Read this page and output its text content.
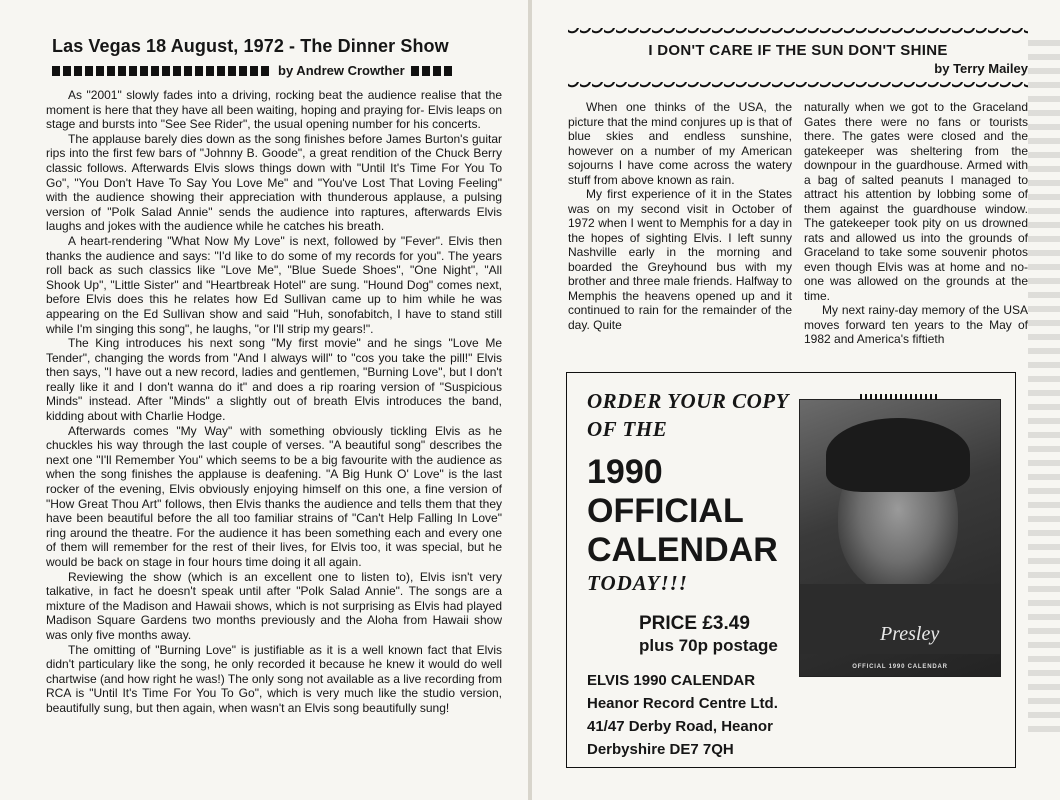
Las Vegas 18 August, 1972 - The Dinner Show
by Andrew Crowther

As "2001" slowly fades into a driving, rocking beat the audience realise that the moment is here that they have all been waiting, hoping and praying for- Elvis leaps on stage and bursts into "See See Rider", the usual opening number for his concerts.

The applause barely dies down as the song finishes before James Burton's guitar rips into the first few bars of "Johnny B. Goode", a great rendition of the Chuck Berry classic follows. Afterwards Elvis slows things down with "Until It's Time For You To Go", "You Don't Have To Say You Love Me" and "You've Lost That Loving Feeling" with the audience showing their appreciation with thunderous applause, a pulsing version of "Polk Salad Annie" sends the audience into raptures, afterwards Elvis laughs and jokes with the audience while he catches his breath.

A heart-rendering "What Now My Love" is next, followed by "Fever". Elvis then thanks the audience and says: "I'd like to do some of my records for you". The years roll back as such classics like "Love Me", "Blue Suede Shoes", "One Night", "All Shook Up", "Little Sister" and "Heartbreak Hotel" are sung. "Hound Dog" comes next, before Elvis does this he relates how Ed Sullivan came up to him while he was appearing on the Ed Sullivan show and said "Huh, sonofabitch, I have to stand still while I'm singing this song", he laughs, "or I'll strip my gears!".

The King introduces his next song "My first movie" and he sings "Love Me Tender", changing the words from "And I always will" to "cos you take the pill!" Elvis then says, "I have out a new record, ladies and gentlemen, "Burning Love", but I don't really like it and I don't wanna do it" and does a rip roaring version of "Suspicious Minds" instead. After "Minds" a slightly out of breath Elvis introduces the band, kidding about with Charlie Hodge.

Afterwards comes "My Way" with something obviously tickling Elvis as he chuckles his way through the last couple of verses. "A beautiful song" describes the next one "I'll Remember You" which seems to be a big favourite with the audience as when the song finishes the applause is deafening. "A Big Hunk O' Love" is the last rocker of the evening, Elvis obviously enjoying himself on this one, a fine version of "How Great Thou Art" follows, then Elvis thanks the audience and tells them that they have been beautiful before the all too familiar strains of "Can't Help Falling In Love" ring around the theatre. For the audience it has been something each and every one of them will remember for the rest of their lives, for Elvis too, it was special, but he would be back on stage in four hours time doing it all again.

Reviewing the show (which is an excellent one to listen to), Elvis isn't very talkative, in fact he doesn't speak until after "Polk Salad Annie". The songs are a mixture of the Madison and Hawaii shows, which is not surprising as Elvis had played Madison Square Gardens two months previously and the Aloha from Hawaii show was only five months away.

The omitting of "Burning Love" is justifiable as it is a well known fact that Elvis didn't particulary like the song, he only recorded it because he knew it would do well chartwise (and how right he was!) The only song not available as a live recording from RCA is "Until It's Time For You To Go", which is very much like the studio version, beautifully sung, but then again, when wasn't an Elvis song beautifully sung!

I DON'T CARE IF THE SUN DON'T SHINE
by Terry Mailey

When one thinks of the USA, the picture that the mind conjures up is that of blue skies and endless sunshine, however on a number of my American sojourns I have come across the watery stuff from above known as rain.

My first experience of it in the States was on my second visit in October of 1972 when I went to Memphis for a day in the hopes of sighting Elvis. I left sunny Nashville early in the morning and boarded the Greyhound bus with my brother and three male friends. Halfway to Memphis the heavens opened up and it continued to rain for the remainder of the day. Quite

naturally when we got to the Graceland Gates there were no fans or tourists there. The gates were closed and the gatekeeper was sheltering from the downpour in the guardhouse. Armed with a bag of salted peanuts I managed to attract his attention by lobbing some of them against the guardhouse window. The gatekeeper took pity on us drowned rats and allowed us into the grounds of Graceland to take some souvenir photos even though Elvis was at home and no-one was allowed on the grounds at the time.

My next rainy-day memory of the USA moves forward ten years to the May of 1982 and America's fiftieth

ORDER YOUR COPY
OF THE
1990
OFFICIAL
CALENDAR
TODAY!!!
PRICE £3.49
plus 70p postage
ELVIS 1990 CALENDAR
Heanor Record Centre Ltd.
41/47 Derby Road, Heanor
Derbyshire DE7 7QH
Presley
OFFICIAL 1990 CALENDAR
